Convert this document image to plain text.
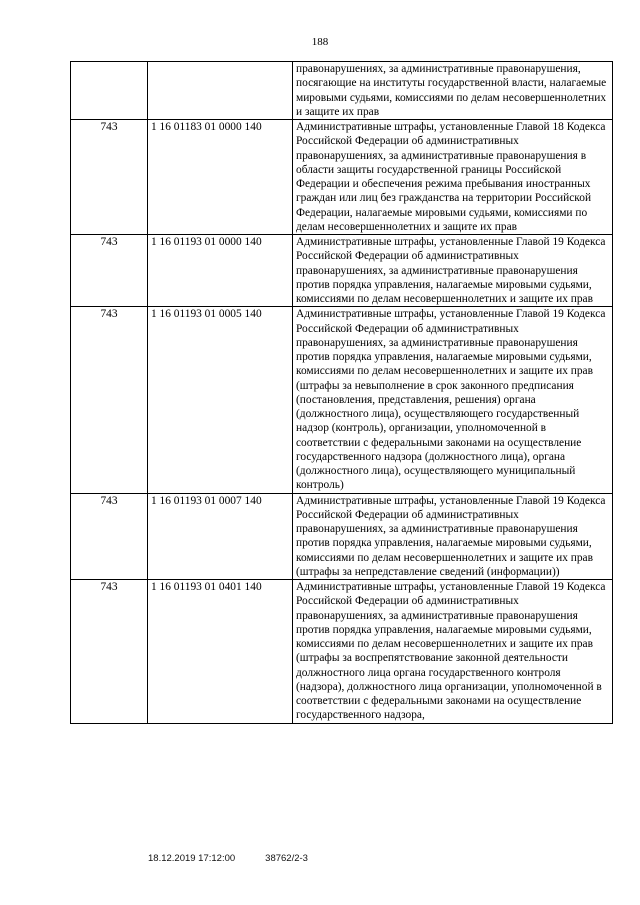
188
		правонарушениях, за административные правонарушения, посягающие на институты государственной власти, налагаемые мировыми судьями, комиссиями по делам несовершеннолетних и защите их прав
743	1 16 01183 01 0000 140	Административные штрафы, установленные Главой 18 Кодекса Российской Федерации об административных правонарушениях, за административные правонарушения в области защиты государственной границы Российской Федерации и обеспечения режима пребывания иностранных граждан или лиц без гражданства на территории Российской Федерации, налагаемые мировыми судьями, комиссиями по делам несовершеннолетних и защите их прав
743	1 16 01193 01 0000 140	Административные штрафы, установленные Главой 19 Кодекса Российской Федерации об административных правонарушениях, за административные правонарушения против порядка управления, налагаемые мировыми судьями, комиссиями по делам несовершеннолетних и защите их прав
743	1 16 01193 01 0005 140	Административные штрафы, установленные Главой 19 Кодекса Российской Федерации об административных правонарушениях, за административные правонарушения против порядка управления, налагаемые мировыми судьями, комиссиями по делам несовершеннолетних и защите их прав (штрафы за невыполнение в срок законного предписания (постановления, представления, решения) органа (должностного лица), осуществляющего государственный надзор (контроль), организации, уполномоченной в соответствии с федеральными законами на осуществление государственного надзора (должностного лица), органа (должностного лица), осуществляющего муниципальный контроль)
743	1 16 01193 01 0007 140	Административные штрафы, установленные Главой 19 Кодекса Российской Федерации об административных правонарушениях, за административные правонарушения против порядка управления, налагаемые мировыми судьями, комиссиями по делам несовершеннолетних и защите их прав (штрафы за непредставление сведений (информации))
743	1 16 01193 01 0401 140	Административные штрафы, установленные Главой 19 Кодекса Российской Федерации об административных правонарушениях, за административные правонарушения против порядка управления, налагаемые мировыми судьями, комиссиями по делам несовершеннолетних и защите их прав (штрафы за воспрепятствование законной деятельности должностного лица органа государственного контроля (надзора), должностного лица организации, уполномоченной в соответствии с федеральными законами на осуществление государственного надзора,
18.12.2019 17:12:00	38762/2-3
